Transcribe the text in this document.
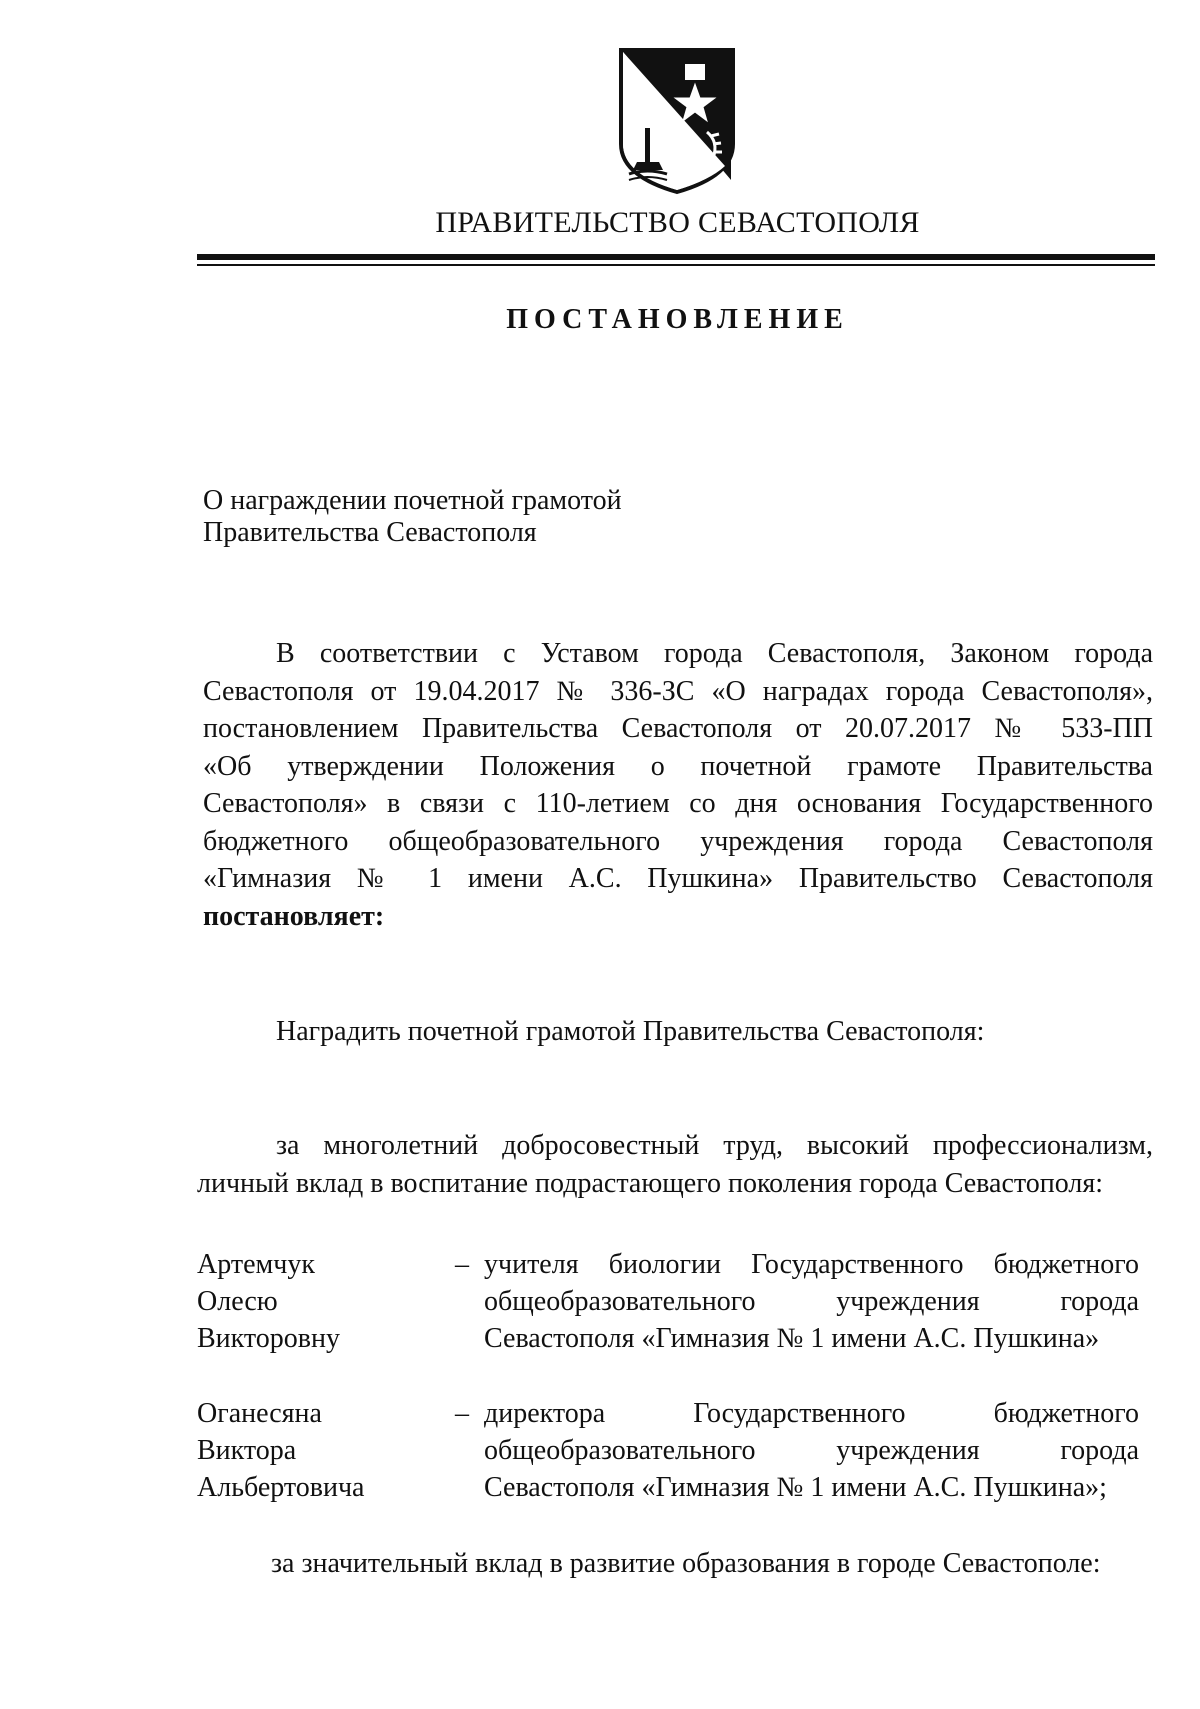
ПРАВИТЕЛЬСТВО СЕВАСТОПОЛЯ
ПОСТАНОВЛЕНИЕ
О награждении почетной грамотой
Правительства Севастополя
В соответствии с Уставом города Севастополя, Законом города
Севастополя от 19.04.2017 № 336-ЗС «О наградах города Севастополя»,
постановлением Правительства Севастополя от 20.07.2017 № 533-ПП
«Об утверждении Положения о почетной грамоте Правительства
Севастополя» в связи с 110-летием со дня основания Государственного
бюджетного общеобразовательного учреждения города Севастополя
«Гимназия № 1 имени А.С. Пушкина» Правительство Севастополя
постановляет:
Наградить почетной грамотой Правительства Севастополя:
за многолетний добросовестный труд, высокий профессионализм,
личный вклад в воспитание подрастающего поколения города Севастополя:
Артемчук
Олесю
Викторовну
– учителя биологии Государственного бюджетного
общеобразовательного учреждения города
Севастополя «Гимназия № 1 имени А.С. Пушкина»
Оганесяна
Виктора
Альбертовича
– директора Государственного бюджетного
общеобразовательного учреждения города
Севастополя «Гимназия № 1 имени А.С. Пушкина»;
за значительный вклад в развитие образования в городе Севастополе:
